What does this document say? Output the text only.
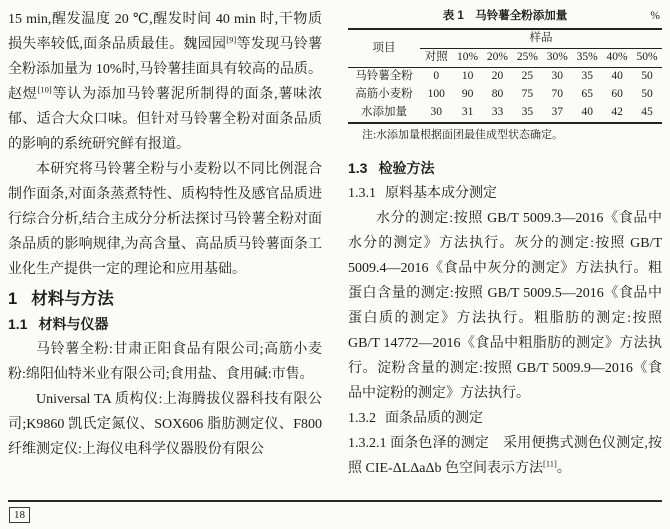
15 min,醒发温度 20 ℃,醒发时间 40 min 时,干物质损失率较低,面条品质最佳。魏园园[9]等发现马铃薯全粉添加量为 10%时,马铃薯挂面具有较高的品质。赵煜[10]等认为添加马铃薯泥所制得的面条,薯味浓郁、适合大众口味。但针对马铃薯全粉对面条品质的影响的系统研究鲜有报道。

本研究将马铃薯全粉与小麦粉以不同比例混合制作面条,对面条蒸煮特性、质构特性及感官品质进行综合分析,结合主成分分析法探讨马铃薯全粉对面条品质的影响规律,为高含量、高品质马铃薯面条工业化生产提供一定的理论和应用基础。

1 材料与方法
1.1 材料与仪器

马铃薯全粉:甘肃正阳食品有限公司;高筋小麦粉:绵阳仙特米业有限公司;食用盐、食用碱:市售。

Universal TA 质构仪:上海腾拔仪器科技有限公司;K9860 凯氏定氮仪、SOX606 脂肪测定仪、F800 纤维测定仪:上海仪电科学仪器股份有限公

表 1　马铃薯全粉添加量	%
项目	样品							
	对照	10%	20%	25%	30%	35%	40%	50%
马铃薯全粉	0	10	20	25	30	35	40	50
高筋小麦粉	100	90	80	75	70	65	60	50
水添加量	30	31	33	35	37	40	42	45

注:水添加量根据面团最佳成型状态确定。

1.3 检验方法
1.3.1 原料基本成分测定

水分的测定:按照 GB/T 5009.3—2016《食品中水分的测定》方法执行。灰分的测定:按照 GB/T 5009.4—2016《食品中灰分的测定》方法执行。粗蛋白含量的测定:按照 GB/T 5009.5—2016《食品中蛋白质的测定》方法执行。粗脂肪的测定:按照 GB/T 14772—2016《食品中粗脂肪的测定》方法执行。淀粉含量的测定:按照 GB/T 5009.9—2016《食品中淀粉的测定》方法执行。

1.3.2 面条品质的测定

1.3.2.1 面条色泽的测定　采用便携式测色仪测定,按照 CIE-ΔLΔaΔb 色空间表示方法[11]。

18
